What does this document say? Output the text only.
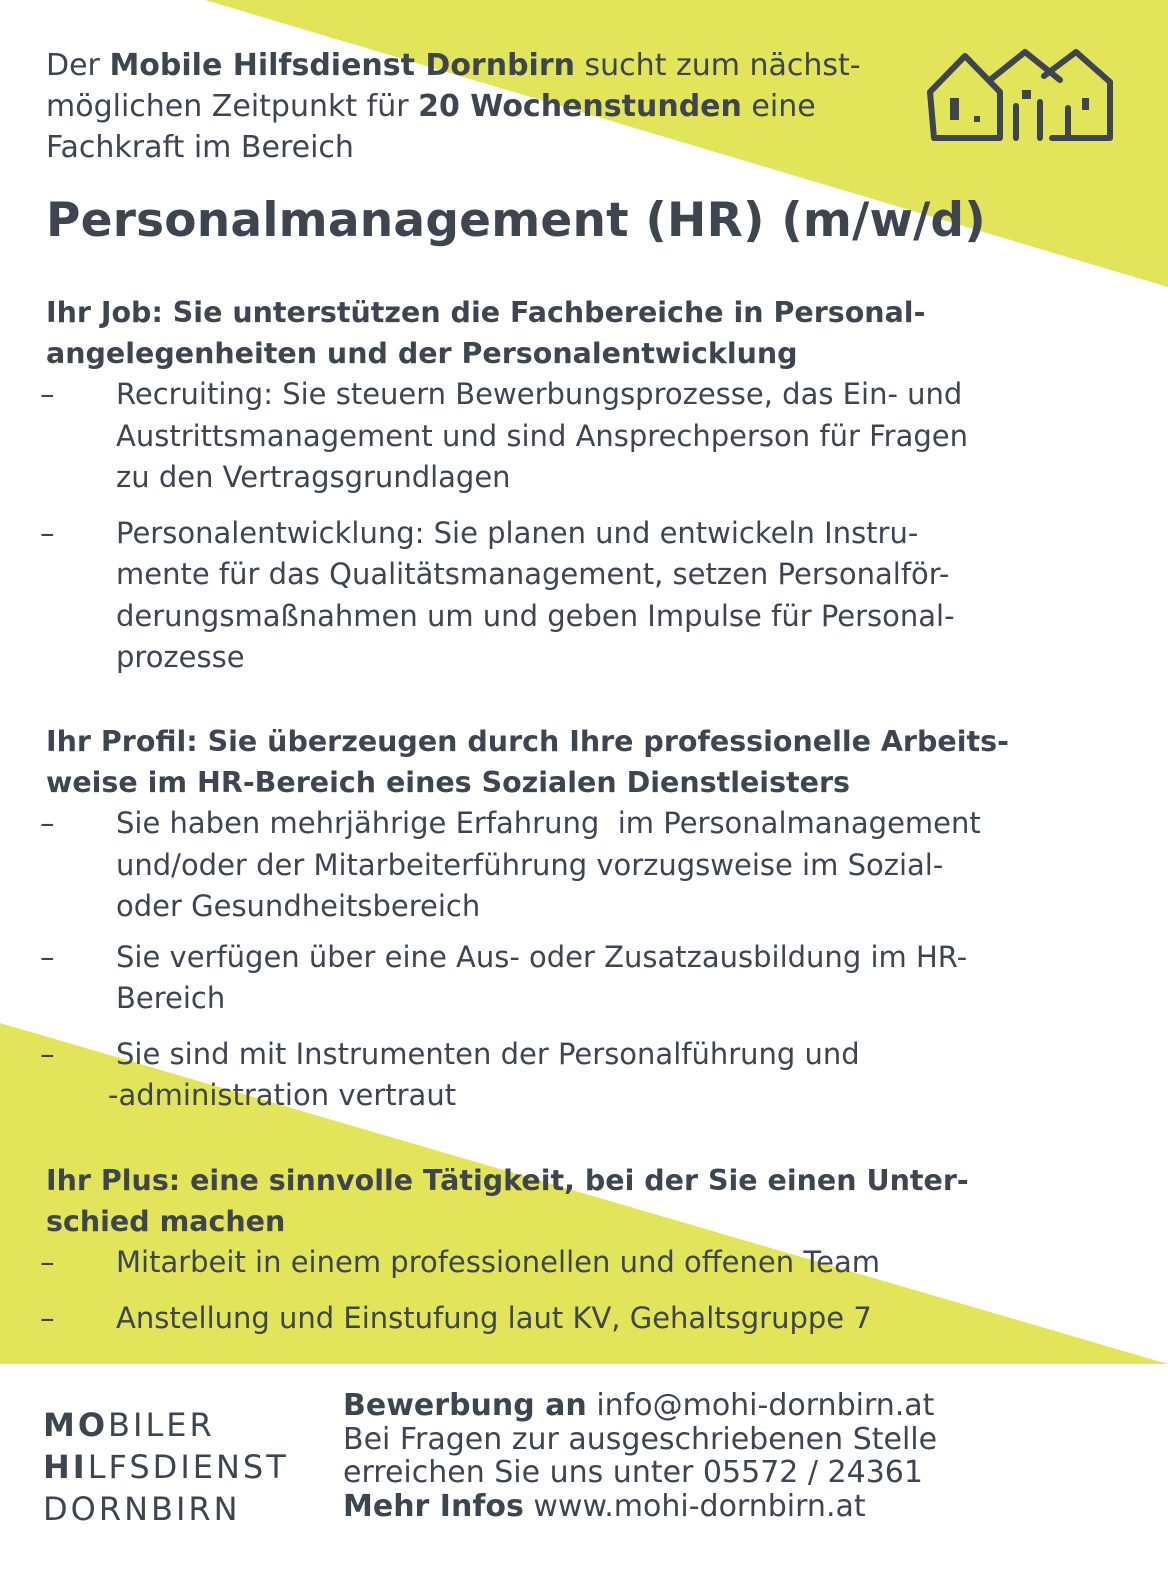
Der Mobile Hilfsdienst Dornbirn sucht zum nächst-
möglichen Zeitpunkt für 20 Wochenstunden eine
Fachkraft im Bereich
Personalmanagement (HR) (m/w/d)
Ihr Job: Sie unterstützen die Fachbereiche in Personal-
angelegenheiten und der Personalentwicklung
–	Recruiting: Sie steuern Bewerbungsprozesse, das Ein- und
Austrittsmanagement und sind Ansprechperson für Fragen
zu den Vertragsgrundlagen
–	Personalentwicklung: Sie planen und entwickeln Instru-
mente für das Qualitätsmanagement, setzen Personalför-
derungsmaßnahmen um und geben Impulse für Personal-
prozesse
Ihr Profil: Sie überzeugen durch Ihre professionelle Arbeits-
weise im HR-Bereich eines Sozialen Dienstleisters
–	Sie haben mehrjährige Erfahrung  im Personalmanagement
und/oder der Mitarbeiterführung vorzugsweise im Sozial-
oder Gesundheitsbereich
–	Sie verfügen über eine Aus- oder Zusatzausbildung im HR-
Bereich
–	Sie sind mit Instrumenten der Personalführung und
-administration vertraut
Ihr Plus: eine sinnvolle Tätigkeit, bei der Sie einen Unter-
schied machen
–	Mitarbeit in einem professionellen und offenen Team
–	Anstellung und Einstufung laut KV, Gehaltsgruppe 7
MOBILER
HILFSDIENST
DORNBIRN
Bewerbung an info@mohi-dornbirn.at
Bei Fragen zur ausgeschriebenen Stelle
erreichen Sie uns unter 05572 / 24361
Mehr Infos www.mohi-dornbirn.at
